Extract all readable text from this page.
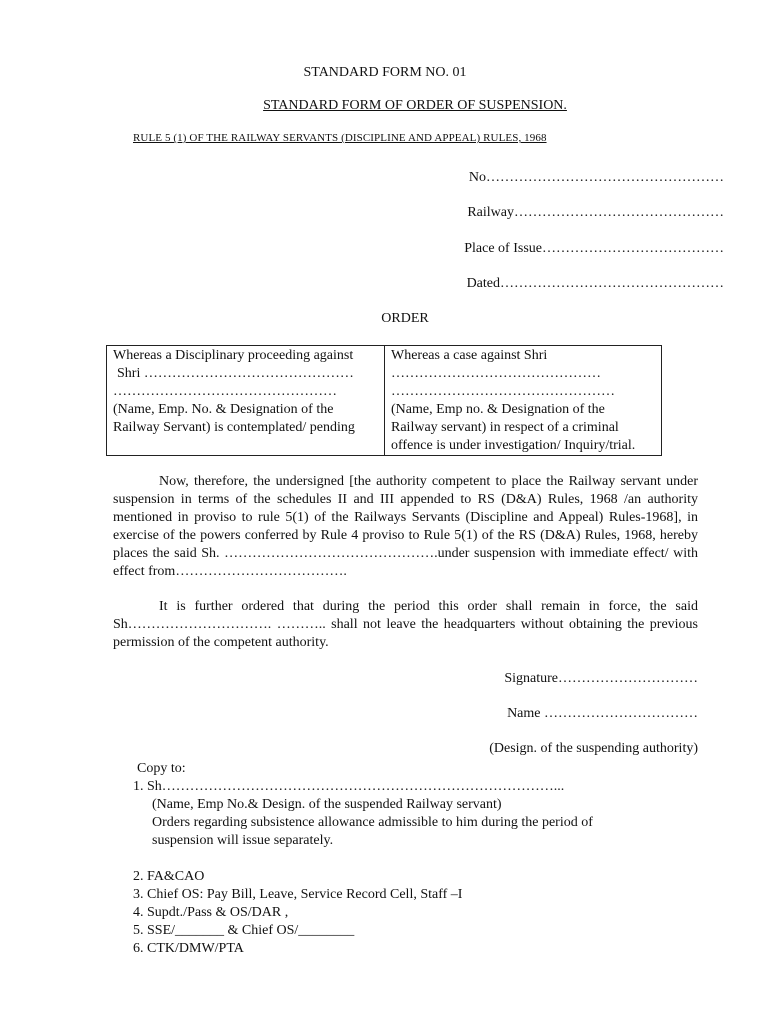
STANDARD FORM NO. 01
STANDARD FORM OF ORDER OF SUSPENSION.
RULE 5 (1) OF THE RAILWAY SERVANTS (DISCIPLINE AND APPEAL) RULES, 1968
No……………………………………………
Railway………………………………………
Place of Issue…………………………………
Dated…………………………………………
ORDER
Whereas a Disciplinary proceeding against
Shri ………………………………………
…………………………………………
(Name, Emp. No. & Designation of the
Railway Servant) is contemplated/ pending

Whereas a case against Shri
………………………………………
…………………………………………
(Name, Emp no. & Designation of the
Railway servant) in respect of a criminal
offence is under investigation/ Inquiry/trial.
Now, therefore, the undersigned [the authority competent to place the Railway servant under suspension in terms of the schedules II and III appended to RS (D&A) Rules, 1968 /an authority mentioned in proviso to rule 5(1) of the Railways Servants (Discipline and Appeal) Rules-1968], in exercise of the powers conferred by Rule 4 proviso to Rule 5(1) of the RS (D&A) Rules, 1968, hereby places the said Sh. ……………………………………….under suspension with immediate effect/ with effect from……………………………….
It is further ordered that during the period this order shall remain in force, the said Sh…………………………. ……….. shall not leave the headquarters without obtaining the previous permission of the competent authority.
Signature…………………………
Name ……………………………
(Design. of the suspending authority)
Copy to:
1. Sh…………………………………………………………………………...
(Name, Emp No.& Design. of the suspended Railway servant)
Orders regarding subsistence allowance admissible to him during the period of
suspension will issue separately.
2. FA&CAO
3. Chief OS: Pay Bill, Leave, Service Record Cell, Staff –I
4. Supdt./Pass & OS/DAR ,
5. SSE/_______ & Chief OS/________
6. CTK/DMW/PTA
